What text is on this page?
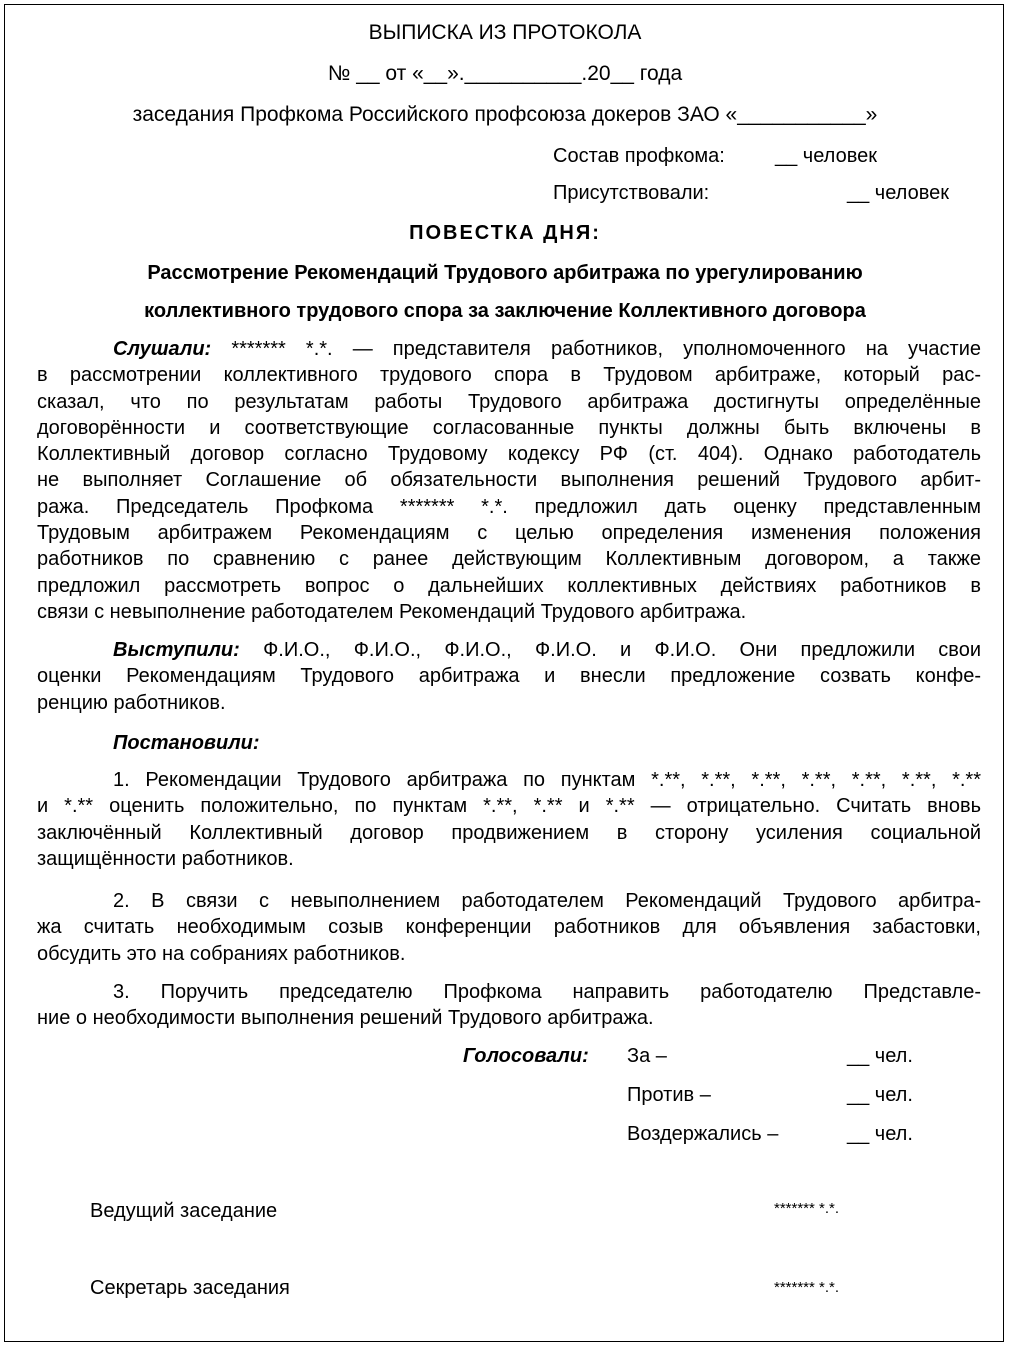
ВЫПИСКА ИЗ ПРОТОКОЛА
№ __ от «__».__________.20__ года
заседания Профкома Российского профсоюза докеров ЗАО «___________»
Состав профкома:	__ человек
Присутствовали:	__ человек
ПОВЕСТКА ДНЯ:
Рассмотрение Рекомендаций Трудового арбитража по урегулированию
коллективного трудового спора за заключение Коллективного договора
Слушали: ******* *.*. — представителя работников, уполномоченного на участие
в рассмотрении коллективного трудового спора в Трудовом арбитраже, который рас-
сказал, что по результатам работы Трудового арбитража достигнуты определённые
договорённости и соответствующие согласованные пункты должны быть включены в
Коллективный договор согласно Трудовому кодексу РФ (ст. 404). Однако работодатель
не выполняет Соглашение об обязательности выполнения решений Трудового арбит-
ража. Председатель Профкома ******* *.*. предложил дать оценку представленным
Трудовым арбитражем Рекомендациям с целью определения изменения положения
работников по сравнению с ранее действующим Коллективным договором, а также
предложил рассмотреть вопрос о дальнейших коллективных действиях работников в
связи с невыполнение работодателем Рекомендаций Трудового арбитража.
Выступили: Ф.И.О., Ф.И.О., Ф.И.О., Ф.И.О. и Ф.И.О. Они предложили свои
оценки Рекомендациям Трудового арбитража и внесли предложение созвать конфе-
ренцию работников.
Постановили:
1. Рекомендации Трудового арбитража по пунктам *.**, *.**, *.**, *.**, *.**, *.**, *.**
и *.** оценить положительно, по пунктам *.**, *.** и *.** — отрицательно. Считать вновь
заключённый Коллективный договор продвижением в сторону усиления социальной
защищённости работников.
2. В связи с невыполнением работодателем Рекомендаций Трудового арбитра-
жа считать необходимым созыв конференции работников для объявления забастовки,
обсудить это на собраниях работников.
3. Поручить председателю Профкома направить работодателю Представле-
ние о необходимости выполнения решений Трудового арбитража.
Голосовали: За –	__ чел.
Против –	__ чел.
Воздержались –	__ чел.
Ведущий заседание	******* *.*.
Секретарь заседания	******* *.*.
